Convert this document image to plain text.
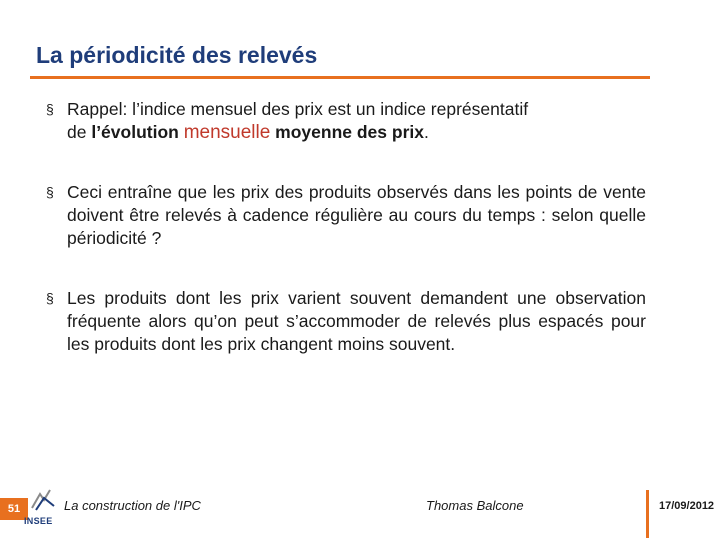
La périodicité des relevés
§ Rappel: l’indice mensuel des prix est un indice représentatif
de l’évolution mensuelle moyenne des prix.
§ Ceci entraîne que les prix des produits observés dans les points de vente doivent être relevés à cadence régulière au cours du temps : selon quelle périodicité ?
§ Les produits dont les prix varient souvent demandent une observation fréquente alors qu’on peut s’accommoder de relevés plus espacés pour les produits dont les prix changent moins souvent.
51
INSEE
La construction de l'IPC	Thomas Balcone	17/09/2012
